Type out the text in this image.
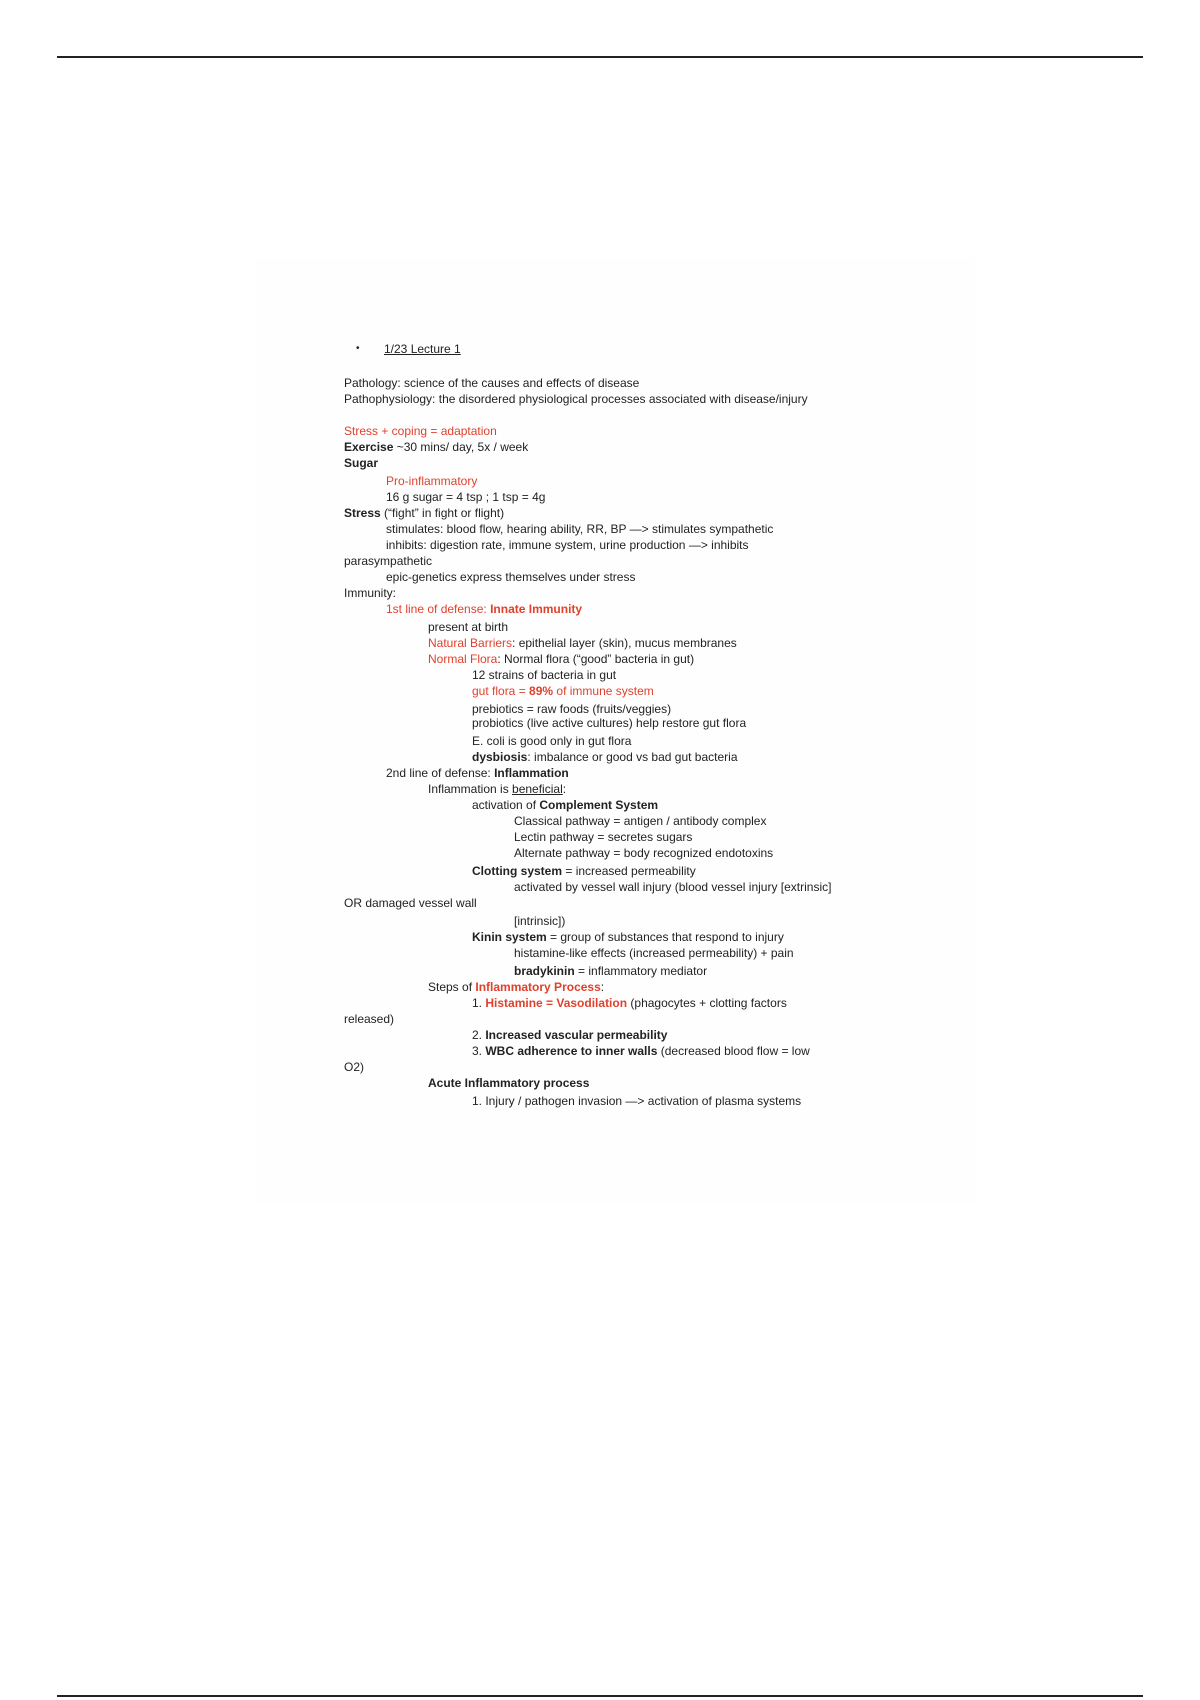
• 1/23 Lecture 1
Pathology: science of the causes and effects of disease
Pathophysiology: the disordered physiological processes associated with disease/injury
Stress + coping = adaptation
Exercise ~30 mins/ day, 5x / week
Sugar
Pro-inflammatory
16 g sugar = 4 tsp ; 1 tsp = 4g
Stress (“fight” in fight or flight)
stimulates: blood flow, hearing ability, RR, BP —> stimulates sympathetic
inhibits: digestion rate, immune system, urine production —> inhibits
parasympathetic
epic-genetics express themselves under stress
Immunity:
1st line of defense: Innate Immunity
present at birth
Natural Barriers: epithelial layer (skin), mucus membranes
Normal Flora: Normal flora (“good” bacteria in gut)
12 strains of bacteria in gut
gut flora = 89% of immune system
prebiotics = raw foods (fruits/veggies)
probiotics (live active cultures) help restore gut flora
E. coli is good only in gut flora
dysbiosis: imbalance or good vs bad gut bacteria
2nd line of defense: Inflammation
Inflammation is beneficial:
activation of Complement System
Classical pathway = antigen / antibody complex
Lectin pathway = secretes sugars
Alternate pathway = body recognized endotoxins
Clotting system = increased permeability
activated by vessel wall injury (blood vessel injury [extrinsic]
OR damaged vessel wall
[intrinsic])
Kinin system = group of substances that respond to injury
histamine-like effects (increased permeability) + pain
bradykinin = inflammatory mediator
Steps of Inflammatory Process:
1. Histamine = Vasodilation (phagocytes + clotting factors
released)
2. Increased vascular permeability
3. WBC adherence to inner walls (decreased blood flow = low
O2)
Acute Inflammatory process
1. Injury / pathogen invasion —> activation of plasma systems
